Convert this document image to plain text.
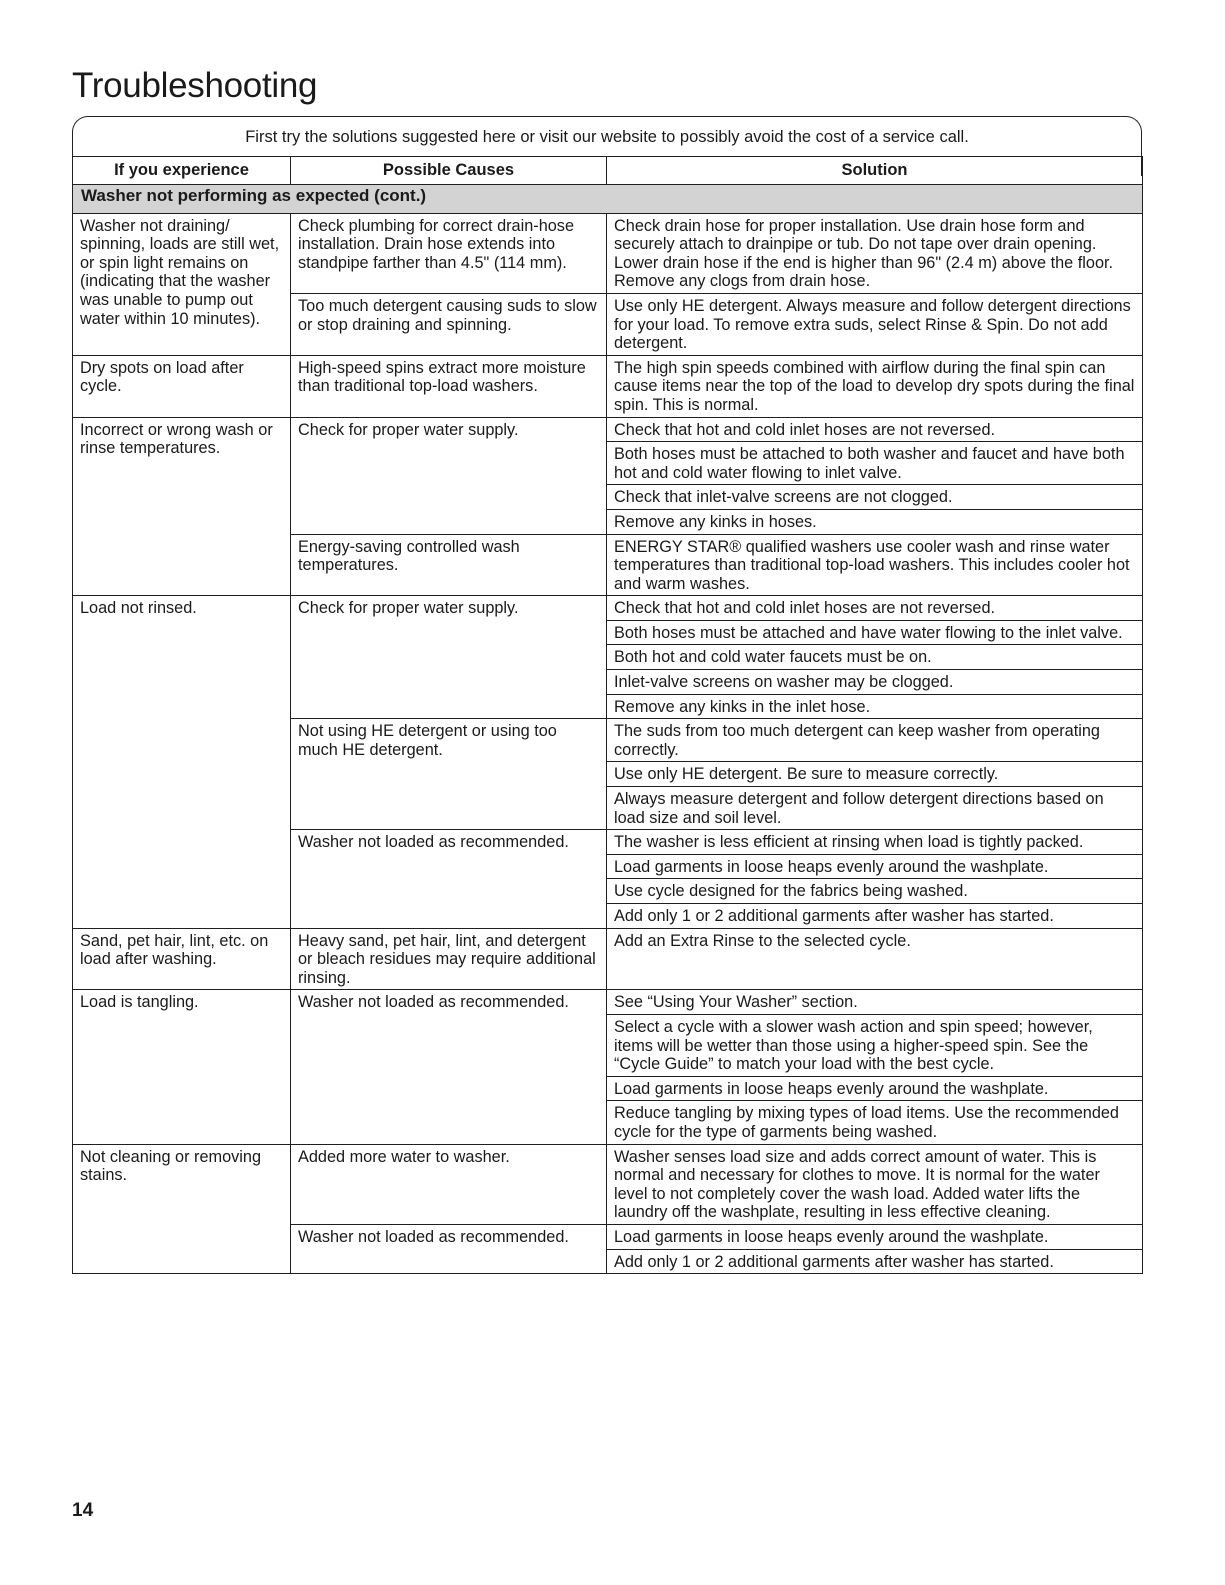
Troubleshooting
First try the solutions suggested here or visit our website to possibly avoid the cost of a service call.
If you experience	Possible Causes	Solution
Washer not performing as expected (cont.)		
Washer not draining/ spinning, loads are still wet, or spin light remains on (indicating that the washer was unable to pump out water within 10 minutes).	Check plumbing for correct drain-hose installation. Drain hose extends into standpipe farther than 4.5" (114 mm).	Check drain hose for proper installation. Use drain hose form and securely attach to drainpipe or tub. Do not tape over drain opening. Lower drain hose if the end is higher than 96" (2.4 m) above the floor. Remove any clogs from drain hose.
	Too much detergent causing suds to slow or stop draining and spinning.	Use only HE detergent. Always measure and follow detergent directions for your load. To remove extra suds, select Rinse & Spin. Do not add detergent.
Dry spots on load after cycle.	High-speed spins extract more moisture than traditional top-load washers.	The high spin speeds combined with airflow during the final spin can cause items near the top of the load to develop dry spots during the final spin. This is normal.
Incorrect or wrong wash or rinse temperatures.	Check for proper water supply.	Check that hot and cold inlet hoses are not reversed.
		Both hoses must be attached to both washer and faucet and have both hot and cold water flowing to inlet valve.
		Check that inlet-valve screens are not clogged.
		Remove any kinks in hoses.
	Energy-saving controlled wash temperatures.	ENERGY STAR® qualified washers use cooler wash and rinse water temperatures than traditional top-load washers. This includes cooler hot and warm washes.
Load not rinsed.	Check for proper water supply.	Check that hot and cold inlet hoses are not reversed.
		Both hoses must be attached and have water flowing to the inlet valve.
		Both hot and cold water faucets must be on.
		Inlet-valve screens on washer may be clogged.
		Remove any kinks in the inlet hose.
	Not using HE detergent or using too much HE detergent.	The suds from too much detergent can keep washer from operating correctly.
		Use only HE detergent. Be sure to measure correctly.
		Always measure detergent and follow detergent directions based on load size and soil level.
	Washer not loaded as recommended.	The washer is less efficient at rinsing when load is tightly packed.
		Load garments in loose heaps evenly around the washplate.
		Use cycle designed for the fabrics being washed.
		Add only 1 or 2 additional garments after washer has started.
Sand, pet hair, lint, etc. on load after washing.	Heavy sand, pet hair, lint, and detergent or bleach residues may require additional rinsing.	Add an Extra Rinse to the selected cycle.
Load is tangling.	Washer not loaded as recommended.	See “Using Your Washer” section.
		Select a cycle with a slower wash action and spin speed; however, items will be wetter than those using a higher-speed spin. See the “Cycle Guide” to match your load with the best cycle.
		Load garments in loose heaps evenly around the washplate.
		Reduce tangling by mixing types of load items. Use the recommended cycle for the type of garments being washed.
Not cleaning or removing stains.	Added more water to washer.	Washer senses load size and adds correct amount of water. This is normal and necessary for clothes to move. It is normal for the water level to not completely cover the wash load. Added water lifts the laundry off the washplate, resulting in less effective cleaning.
	Washer not loaded as recommended.	Load garments in loose heaps evenly around the washplate.
		Add only 1 or 2 additional garments after washer has started.

14
